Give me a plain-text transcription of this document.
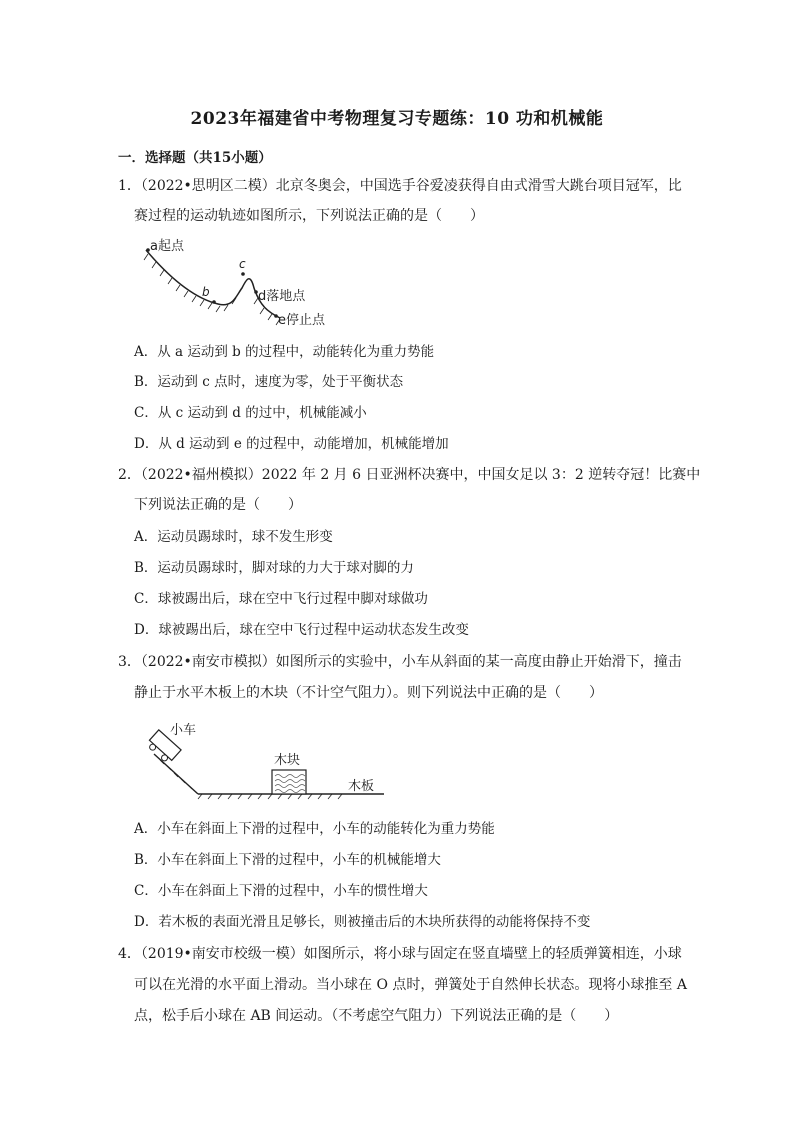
2023年福建省中考物理复习专题练：10 功和机械能
一．选择题（共15小题）
1．（2022•思明区二模）北京冬奥会，中国选手谷爱凌获得自由式滑雪大跳台项目冠军，比
赛过程的运动轨迹如图所示，下列说法正确的是（　　）
a起点
b
c
d落地点
e停止点
A．从 a 运动到 b 的过程中，动能转化为重力势能
B．运动到 c 点时，速度为零，处于平衡状态
C．从 c 运动到 d 的过中，机械能减小
D．从 d 运动到 e 的过程中，动能增加，机械能增加
2．（2022•福州模拟）2022 年 2 月 6 日亚洲杯决赛中，中国女足以 3：2 逆转夺冠！比赛中
下列说法正确的是（　　）
A．运动员踢球时，球不发生形变
B．运动员踢球时，脚对球的力大于球对脚的力
C．球被踢出后，球在空中飞行过程中脚对球做功
D．球被踢出后，球在空中飞行过程中运动状态发生改变
3．（2022•南安市模拟）如图所示的实验中，小车从斜面的某一高度由静止开始滑下，撞击
静止于水平木板上的木块（不计空气阻力）。则下列说法中正确的是（　　）
小车
木块
木板
A．小车在斜面上下滑的过程中，小车的动能转化为重力势能
B．小车在斜面上下滑的过程中，小车的机械能增大
C．小车在斜面上下滑的过程中，小车的惯性增大
D．若木板的表面光滑且足够长，则被撞击后的木块所获得的动能将保持不变
4．（2019•南安市校级一模）如图所示，将小球与固定在竖直墙壁上的轻质弹簧相连，小球
可以在光滑的水平面上滑动。当小球在 O 点时，弹簧处于自然伸长状态。现将小球推至 A
点，松手后小球在 AB 间运动。（不考虑空气阻力）下列说法正确的是（　　）
